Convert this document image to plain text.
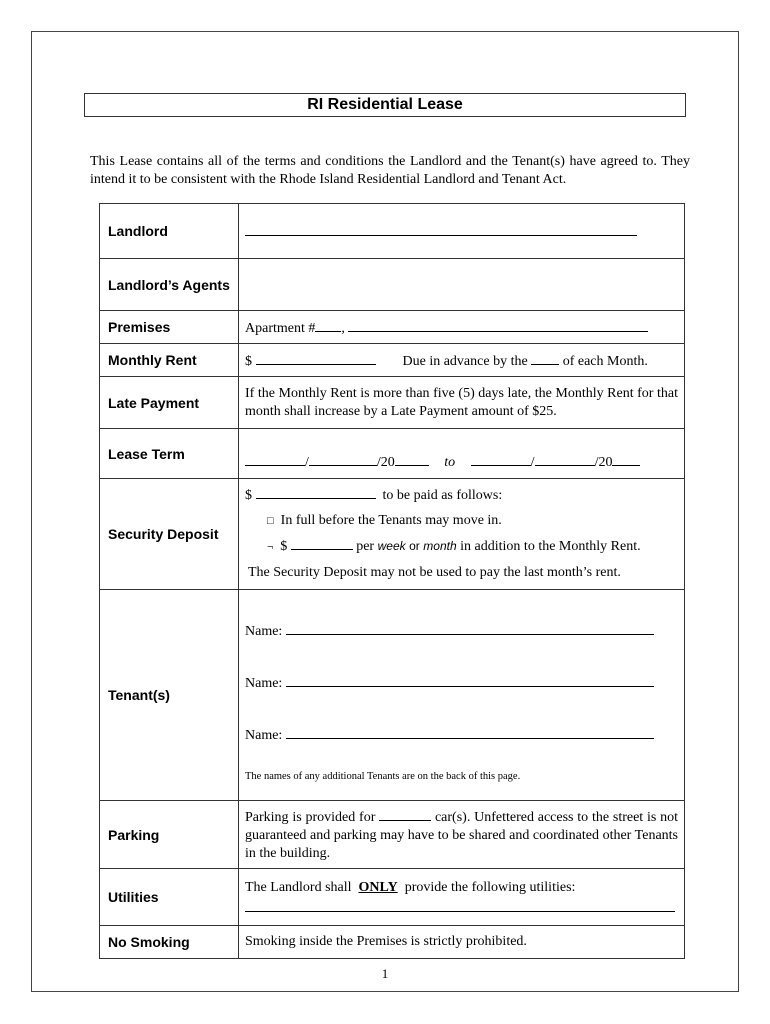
RI Residential Lease
This Lease contains all of the terms and conditions the Landlord and the Tenant(s) have agreed to. They intend it to be consistent with the Rhode Island Residential Landlord and Tenant Act.
Landlord	
Landlord’s Agents	
Premises	Apartment # ,
Monthly Rent	$ Due in advance by the of each Month.
Late Payment	If the Monthly Rent is more than five (5) days late, the Monthly Rent for that month shall increase by a Late Payment amount of $25.
Lease Term	/ /20 to / /20
Security Deposit	$ to be paid as follows:
□ In full before the Tenants may move in.
¬ $ per week or month in addition to the Monthly Rent.
The Security Deposit may not be used to pay the last month’s rent.

Tenant(s)	Name:
Name:
Name:
The names of any additional Tenants are on the back of this page.

Parking	Parking is provided for car(s). Unfettered access to the street is not guaranteed and parking may have to be shared and coordinated other Tenants in the building.
Utilities	The Landlord shall ONLY provide the following utilities:

No Smoking	Smoking inside the Premises is strictly prohibited.
1
